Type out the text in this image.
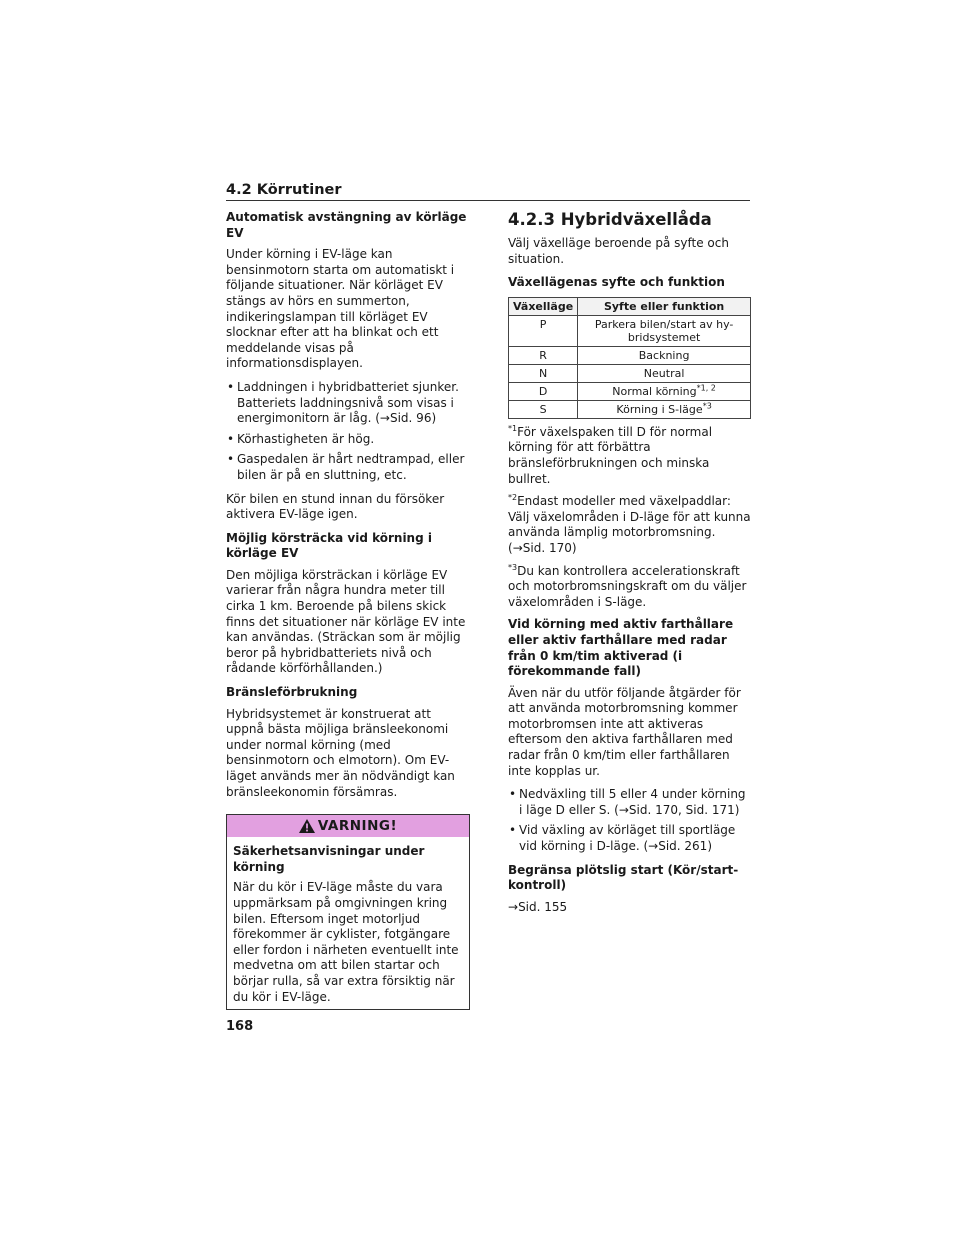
4.2 Körrutiner
Automatisk avstängning av körläge EV

Under körning i EV-läge kan bensinmotorn starta om automatiskt i följande situationer. När körläget EV stängs av hörs en summerton, indikeringslampan till körläget EV slocknar efter att ha blinkat och ett meddelande visas på informationsdisplayen.

• Laddningen i hybridbatteriet sjunker. Batteriets laddningsnivå som visas i energimonitorn är låg. (→Sid. 96)
• Körhastigheten är hög.
• Gaspedalen är hårt nedtrampad, eller bilen är på en sluttning, etc.

Kör bilen en stund innan du försöker aktivera EV-läge igen.

Möjlig körsträcka vid körning i körläge EV

Den möjliga körsträckan i körläge EV varierar från några hundra meter till cirka 1 km. Beroende på bilens skick finns det situationer när körläge EV inte kan användas. (Sträckan som är möjlig beror på hybridbatteriets nivå och rådande körförhållanden.)

Bränsleförbrukning

Hybridsystemet är konstruerat att uppnå bästa möjliga bränsleekonomi under normal körning (med bensinmotorn och elmotorn). Om EV-läget används mer än nödvändigt kan bränsleekonomin försämras.

VARNING!
Säkerhetsanvisningar under körning

När du kör i EV-läge måste du vara uppmärksam på omgivningen kring bilen. Eftersom inget motorljud förekommer är cyklister, fotgängare eller fordon i närheten eventuellt inte medvetna om att bilen startar och börjar rulla, så var extra försiktig när du kör i EV-läge.

4.2.3 Hybridväxellåda

Välj växelläge beroende på syfte och situation.

Växellägenas syfte och funktion
Växelläge	Syfte eller funktion
P	Parkera bilen/start av hy-bridsystemet
R	Backning
N	Neutral
D	Normal körning$^{*1, 2}$
S	Körning i S-läge$^{*3}$

$^{*1}$För växelspaken till D för normal körning för att förbättra bränsleförbrukningen och minska bullret.

$^{*2}$Endast modeller med växelpaddlar: Välj växelområden i D-läge för att kunna använda lämplig motorbromsning.
(→Sid. 170)

$^{*3}$Du kan kontrollera accelerationskraft och motorbromsningskraft om du väljer växelområden i S-läge.

Vid körning med aktiv farthållare eller aktiv farthållare med radar från 0 km/tim aktiverad (i förekommande fall)

Även när du utför följande åtgärder för att använda motorbromsning kommer motorbromsen inte att aktiveras eftersom den aktiva farthållaren med radar från 0 km/tim eller farthållaren inte kopplas ur.

• Nedväxling till 5 eller 4 under körning i läge D eller S. (→Sid. 170, Sid. 171)
• Vid växling av körläget till sportläge vid körning i D-läge. (→Sid. 261)
Begränsa plötslig start (Kör/start-kontroll)

→Sid. 155

168
